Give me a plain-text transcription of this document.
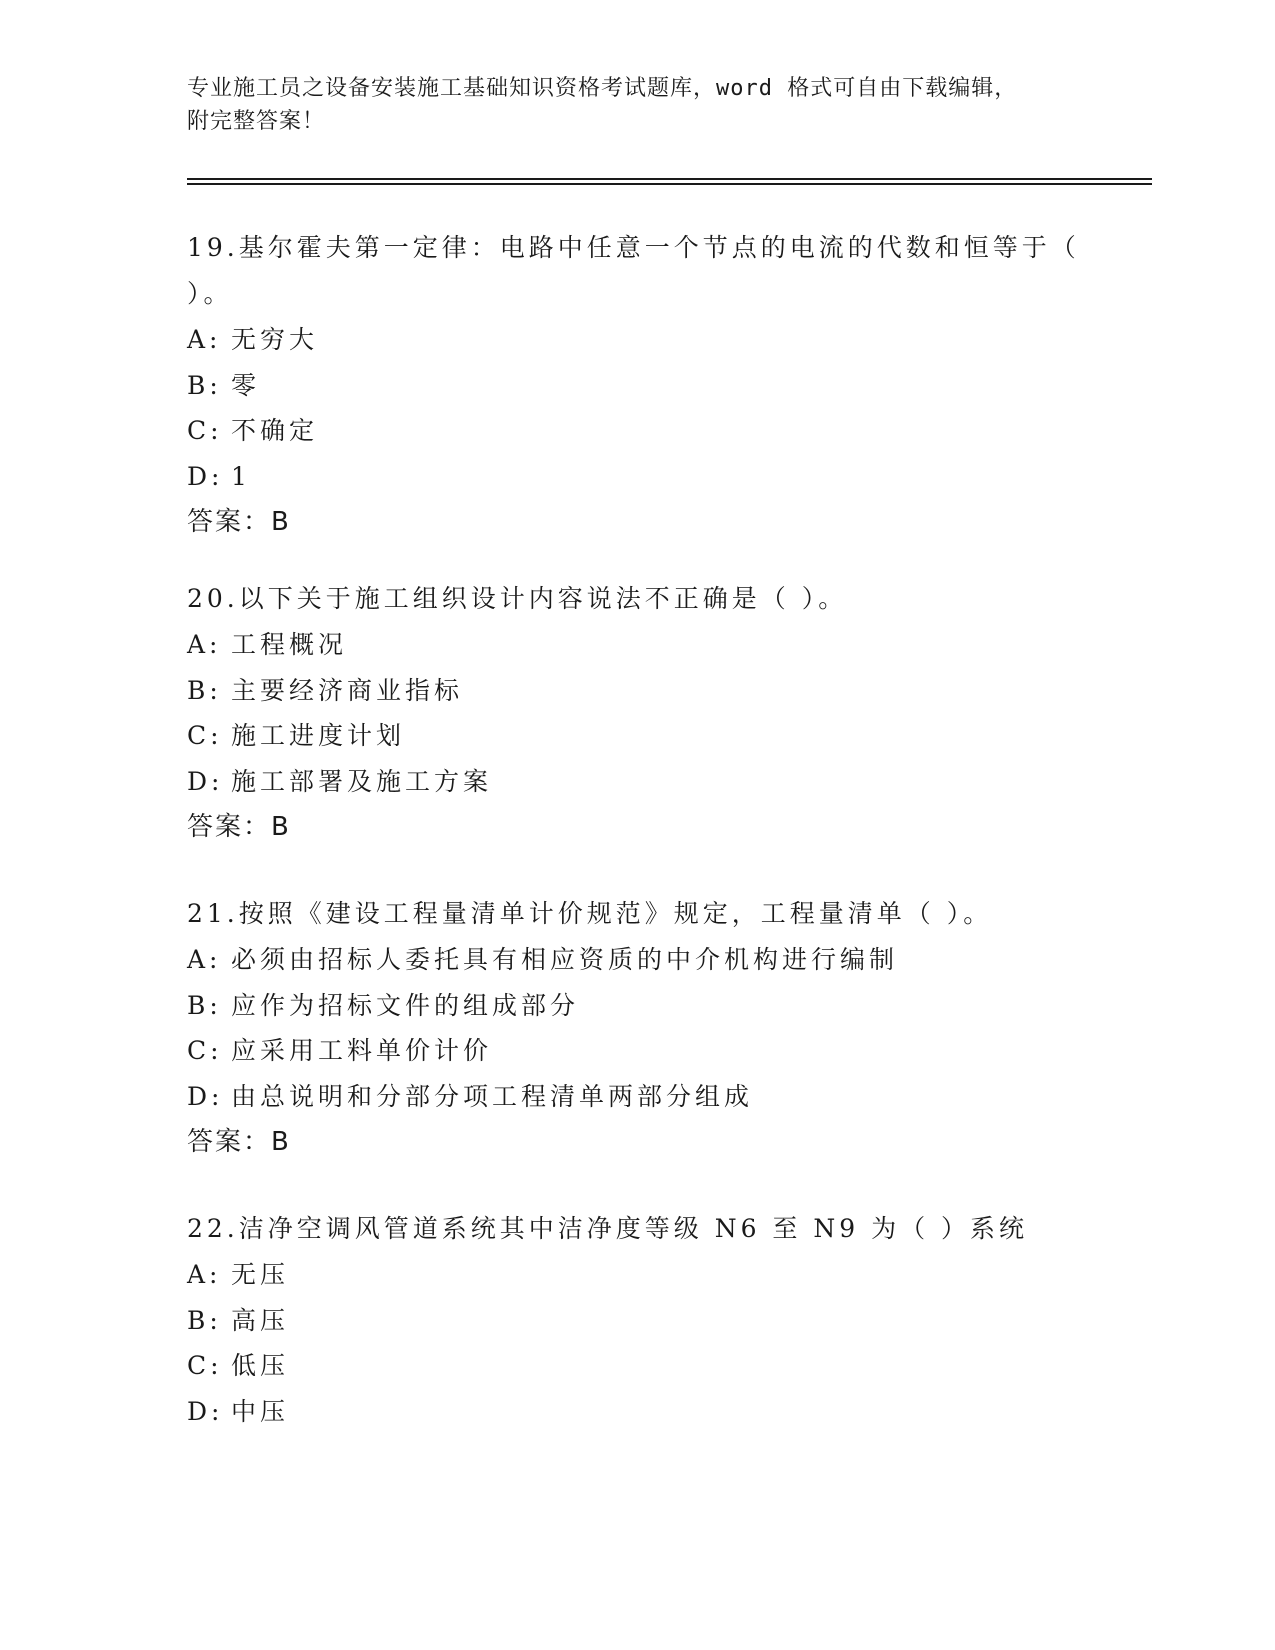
专业施工员之设备安装施工基础知识资格考试题库，word 格式可自由下载编辑，
附完整答案！

19.基尔霍夫第一定律：电路中任意一个节点的电流的代数和恒等于（

）。

A: 无穷大
B: 零
C: 不确定
D: 1

答案：B

20.以下关于施工组织设计内容说法不正确是（ ）。

A: 工程概况
B: 主要经济商业指标
C: 施工进度计划
D: 施工部署及施工方案

答案：B

21.按照《建设工程量清单计价规范》规定，工程量清单（ ）。

A: 必须由招标人委托具有相应资质的中介机构进行编制
B: 应作为招标文件的组成部分
C: 应采用工料单价计价
D: 由总说明和分部分项工程清单两部分组成

答案：B

22.洁净空调风管道系统其中洁净度等级 N6 至 N9 为（ ）系统

A: 无压
B: 高压
C: 低压
D: 中压
